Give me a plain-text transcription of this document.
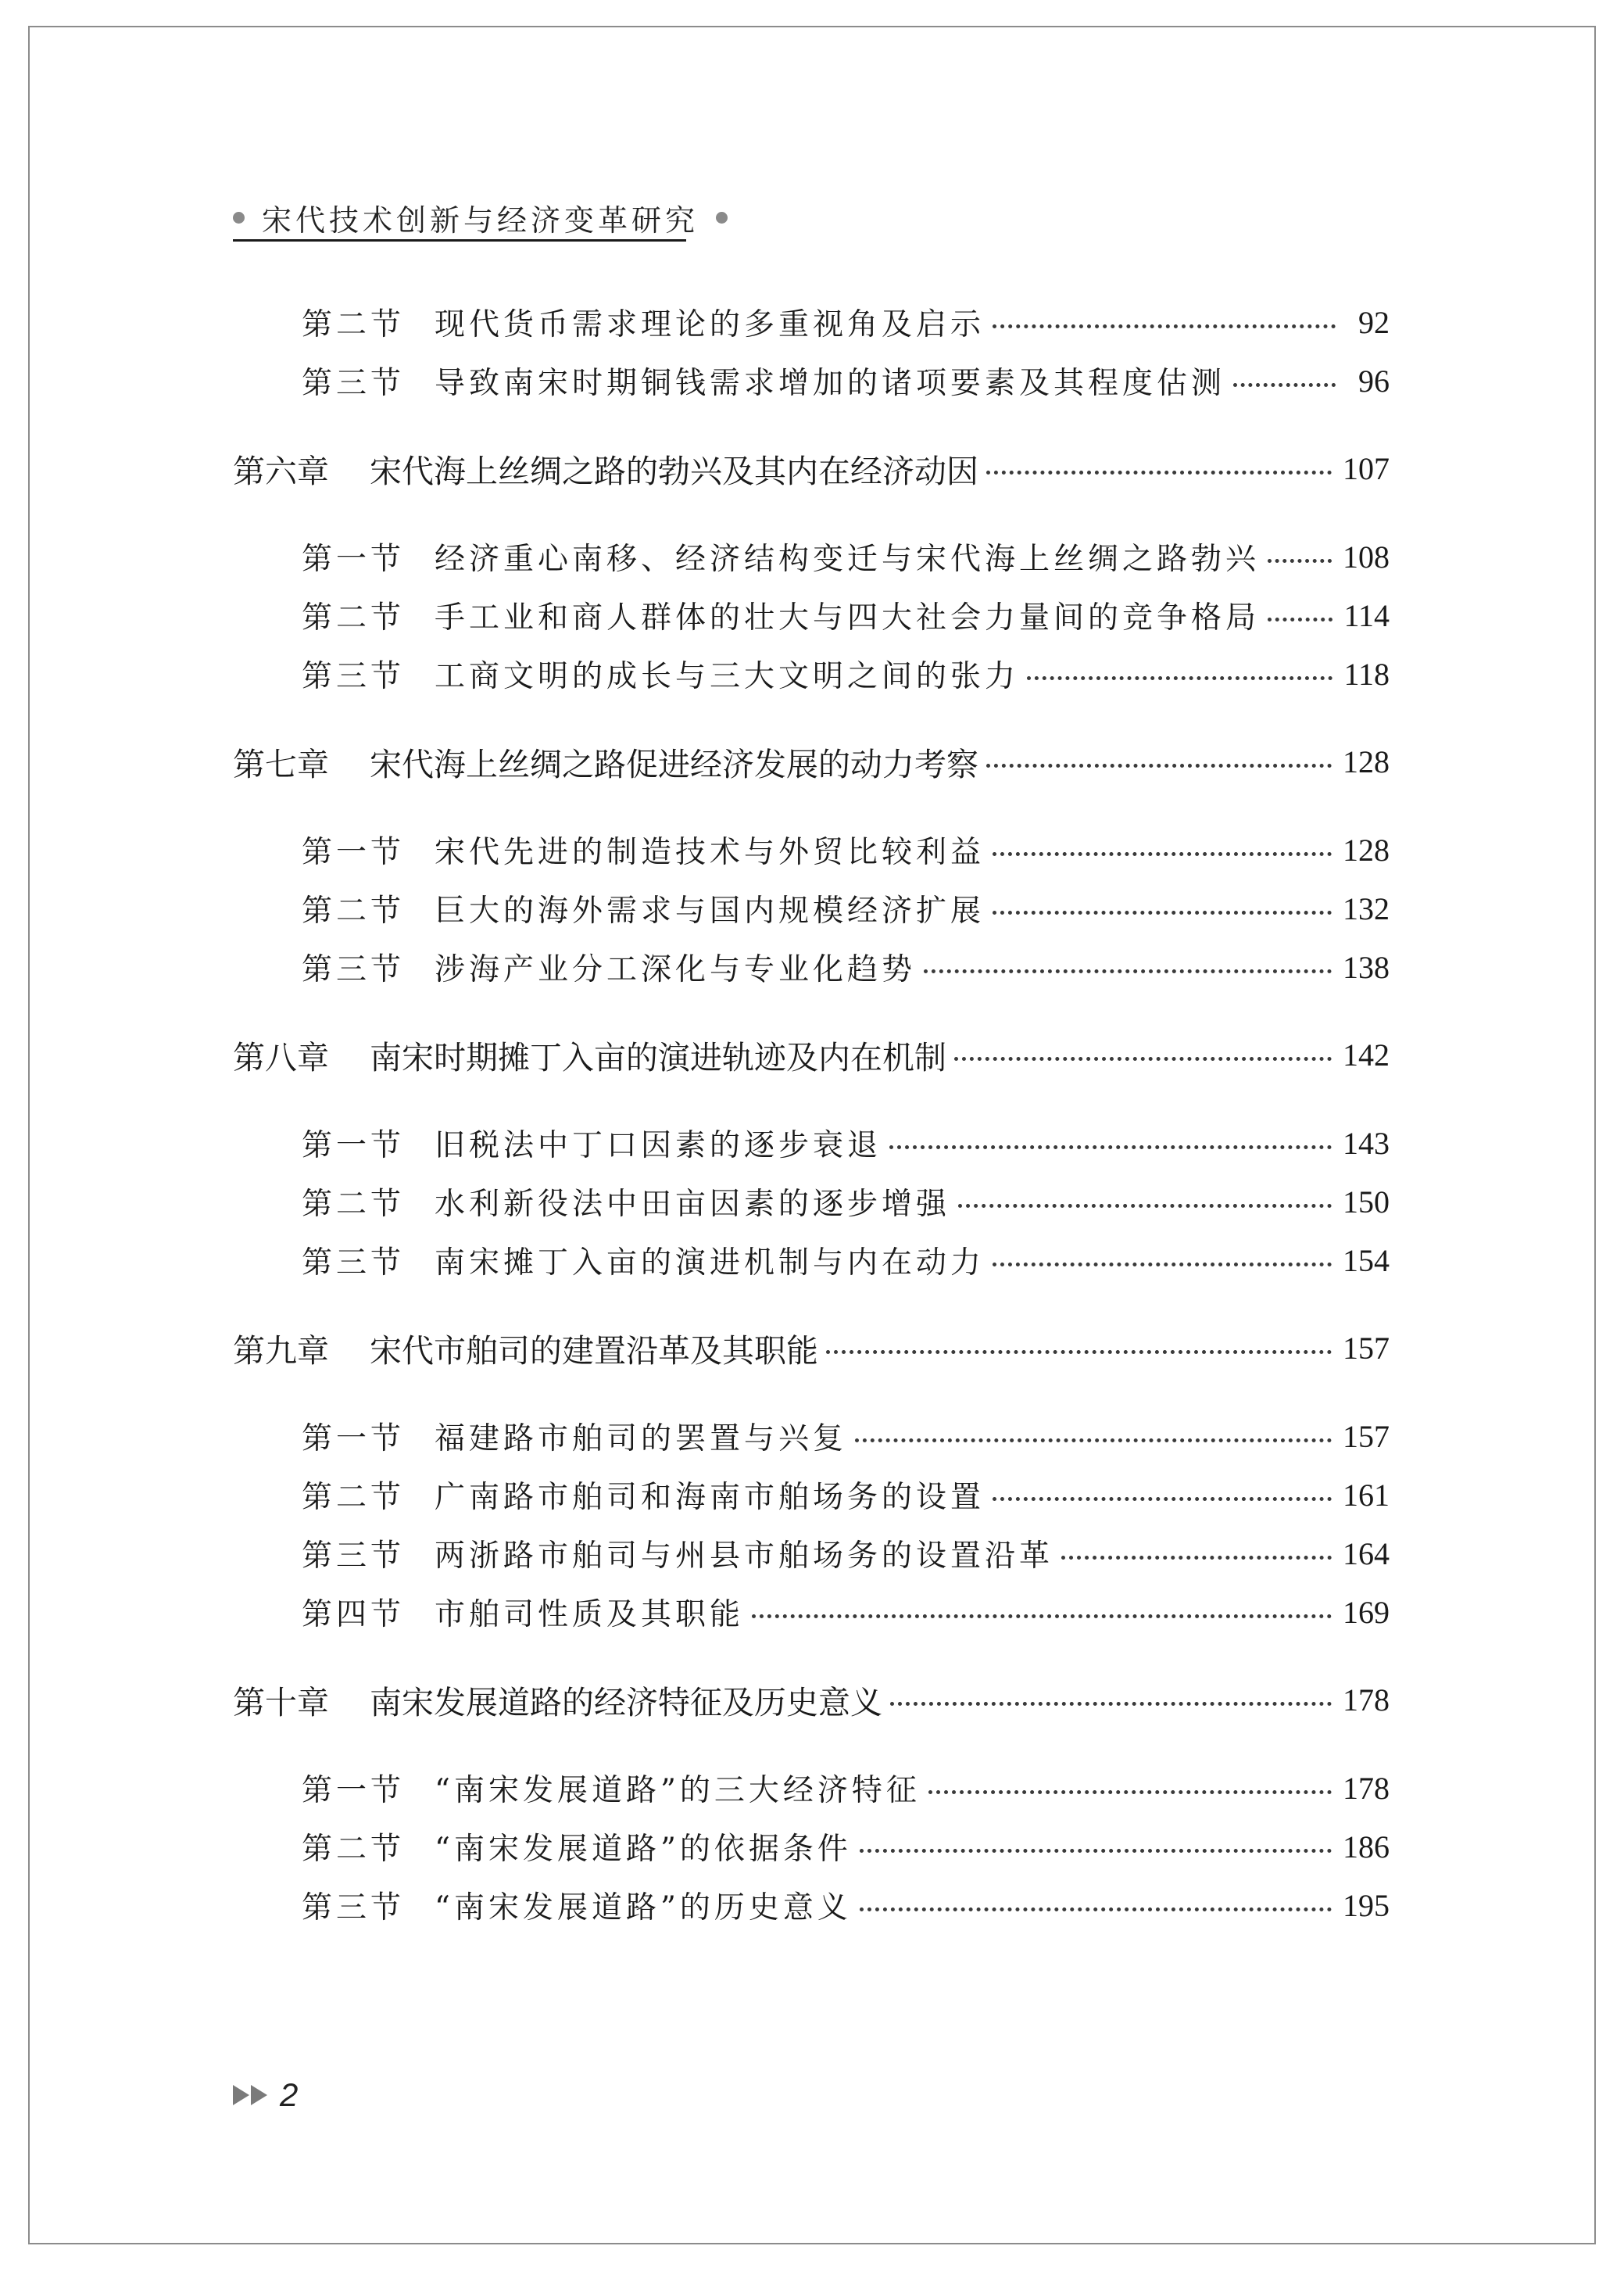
宋代技术创新与经济变革研究
第二节 现代货币需求理论的多重视角及启示	92
第三节 导致南宋时期铜钱需求增加的诸项要素及其程度估测	96
第六章	宋代海上丝绸之路的勃兴及其内在经济动因	107
第一节 经济重心南移、经济结构变迁与宋代海上丝绸之路勃兴	108
第二节 手工业和商人群体的壮大与四大社会力量间的竞争格局	114
第三节 工商文明的成长与三大文明之间的张力	118
第七章	宋代海上丝绸之路促进经济发展的动力考察	128
第一节 宋代先进的制造技术与外贸比较利益	128
第二节 巨大的海外需求与国内规模经济扩展	132
第三节 涉海产业分工深化与专业化趋势	138
第八章	南宋时期摊丁入亩的演进轨迹及内在机制	142
第一节 旧税法中丁口因素的逐步衰退	143
第二节 水利新役法中田亩因素的逐步增强	150
第三节 南宋摊丁入亩的演进机制与内在动力	154
第九章	宋代市舶司的建置沿革及其职能	157
第一节 福建路市舶司的罢置与兴复	157
第二节 广南路市舶司和海南市舶场务的设置	161
第三节 两浙路市舶司与州县市舶场务的设置沿革	164
第四节 市舶司性质及其职能	169
第十章	南宋发展道路的经济特征及历史意义	178
第一节 “南宋发展道路”的三大经济特征	178
第二节 “南宋发展道路”的依据条件	186
第三节 “南宋发展道路”的历史意义	195
2
